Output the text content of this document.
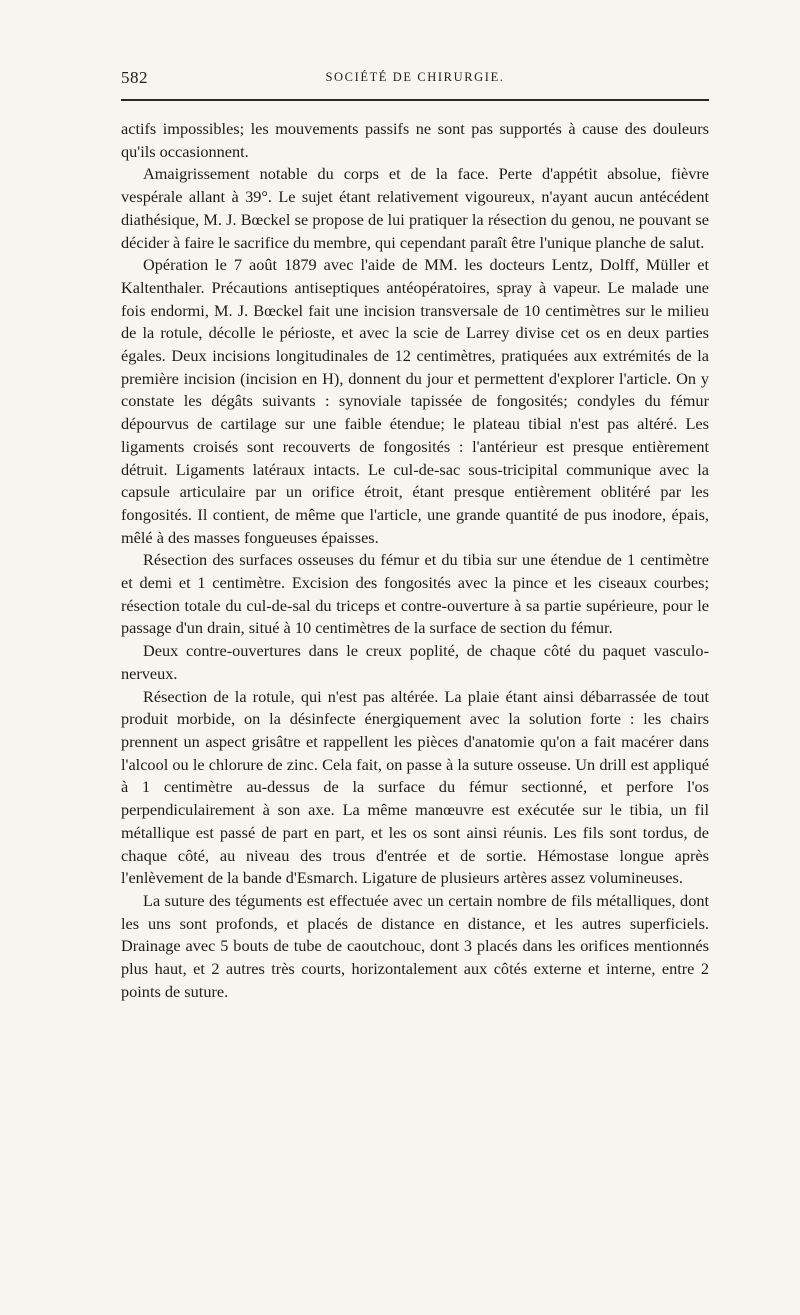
582	SOCIÉTÉ DE CHIRURGIE.

actifs impossibles; les mouvements passifs ne sont pas supportés à cause des douleurs qu'ils occasionnent.

Amaigrissement notable du corps et de la face. Perte d'appétit absolue, fièvre vespérale allant à 39°. Le sujet étant relativement vigoureux, n'ayant aucun antécédent diathésique, M. J. Bœckel se propose de lui pratiquer la résection du genou, ne pouvant se décider à faire le sacrifice du membre, qui cependant paraît être l'unique planche de salut.

Opération le 7 août 1879 avec l'aide de MM. les docteurs Lentz, Dolff, Müller et Kaltenthaler. Précautions antiseptiques antéopératoires, spray à vapeur. Le malade une fois endormi, M. J. Bœckel fait une incision transversale de 10 centimètres sur le milieu de la rotule, décolle le périoste, et avec la scie de Larrey divise cet os en deux parties égales. Deux incisions longitudinales de 12 centimètres, pratiquées aux extrémités de la première incision (incision en H), donnent du jour et permettent d'explorer l'article. On y constate les dégâts suivants : synoviale tapissée de fongosités; condyles du fémur dépourvus de cartilage sur une faible étendue; le plateau tibial n'est pas altéré. Les ligaments croisés sont recouverts de fongosités : l'antérieur est presque entièrement détruit. Ligaments latéraux intacts. Le cul-de-sac sous-tricipital communique avec la capsule articulaire par un orifice étroit, étant presque entièrement oblitéré par les fongosités. Il contient, de même que l'article, une grande quantité de pus inodore, épais, mêlé à des masses fongueuses épaisses.

Résection des surfaces osseuses du fémur et du tibia sur une étendue de 1 centimètre et demi et 1 centimètre. Excision des fongosités avec la pince et les ciseaux courbes; résection totale du cul-de-sal du triceps et contre-ouverture à sa partie supérieure, pour le passage d'un drain, situé à 10 centimètres de la surface de section du fémur.

Deux contre-ouvertures dans le creux poplité, de chaque côté du paquet vasculo-nerveux.

Résection de la rotule, qui n'est pas altérée. La plaie étant ainsi débarrassée de tout produit morbide, on la désinfecte énergiquement avec la solution forte : les chairs prennent un aspect grisâtre et rappellent les pièces d'anatomie qu'on a fait macérer dans l'alcool ou le chlorure de zinc. Cela fait, on passe à la suture osseuse. Un drill est appliqué à 1 centimètre au-dessus de la surface du fémur sectionné, et perfore l'os perpendiculairement à son axe. La même manœuvre est exécutée sur le tibia, un fil métallique est passé de part en part, et les os sont ainsi réunis. Les fils sont tordus, de chaque côté, au niveau des trous d'entrée et de sortie. Hémostase longue après l'enlèvement de la bande d'Esmarch. Ligature de plusieurs artères assez volumineuses.

La suture des téguments est effectuée avec un certain nombre de fils métalliques, dont les uns sont profonds, et placés de distance en distance, et les autres superficiels. Drainage avec 5 bouts de tube de caoutchouc, dont 3 placés dans les orifices mentionnés plus haut, et 2 autres très courts, horizontalement aux côtés externe et interne, entre 2 points de suture.
